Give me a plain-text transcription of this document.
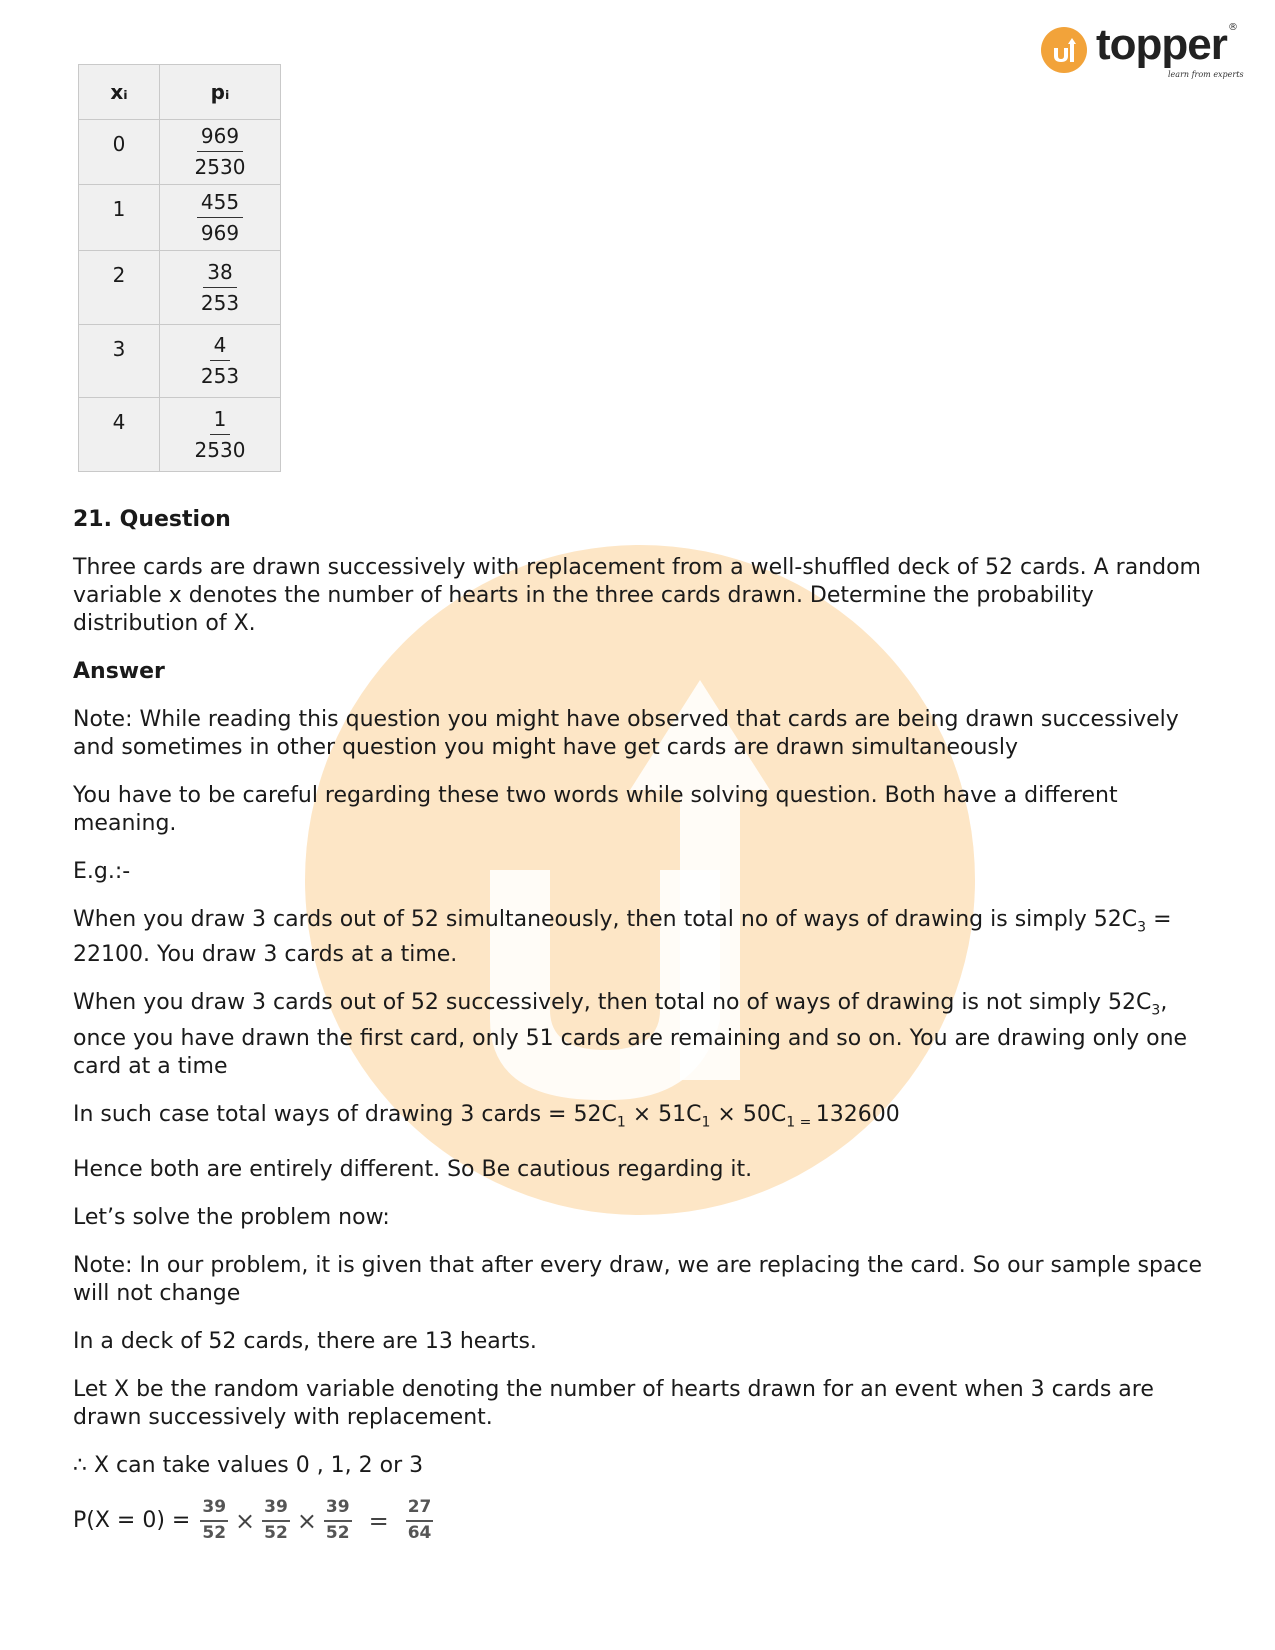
topper ®
learn from experts
xᵢ	pᵢ
0	$\frac{969}{2530}$

1	$\frac{455}{969}$

2	$\frac{38}{253}$

3	$\frac{4}{253}$

4	$\frac{1}{2530}$
21. Question

Three cards are drawn successively with replacement from a well-shuffled deck of 52 cards. A random variable x denotes the number of hearts in the three cards drawn. Determine the probability distribution of X.

Answer

Note: While reading this question you might have observed that cards are being drawn successively and sometimes in other question you might have get cards are drawn simultaneously

You have to be careful regarding these two words while solving question. Both have a different meaning.

E.g.:-

When you draw 3 cards out of 52 simultaneously, then total no of ways of drawing is simply $52C_3 = 22100$. You draw 3 cards at a time.

When you draw 3 cards out of 52 successively, then total no of ways of drawing is not simply $52C_3$, once you have drawn the first card, only 51 cards are remaining and so on. You are drawing only one card at a time

In such case total ways of drawing 3 cards = $52C_1 \times 51C_1 \times 50C_1$ $_=$ 132600

Hence both are entirely different. So Be cautious regarding it.

Let’s solve the problem now:

Note: In our problem, it is given that after every draw, we are replacing the card. So our sample space will not change

In a deck of 52 cards, there are 13 hearts.

Let X be the random variable denoting the number of hearts drawn for an event when 3 cards are drawn successively with replacement.

∴ X can take values 0 , 1, 2 or 3

$P(X = 0) = \frac{39}{52} \times \frac{39}{52} \times \frac{39}{52} = \frac{27}{64}$
